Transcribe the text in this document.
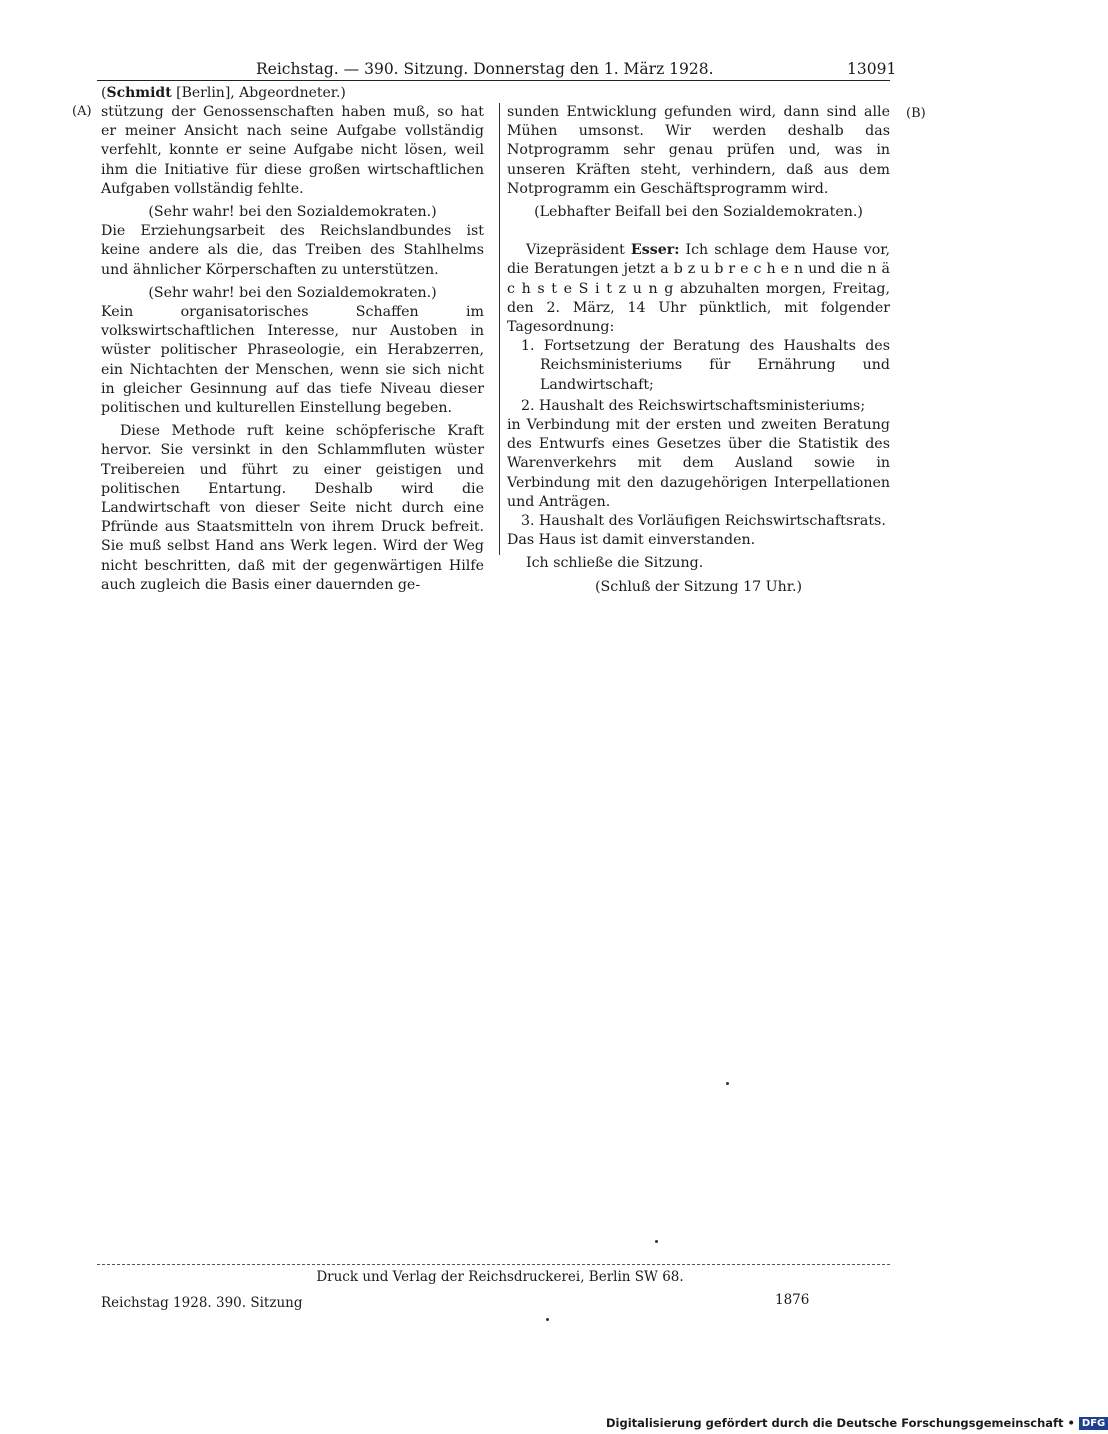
Reichstag. — 390. Sitzung. Donnerstag den 1. März 1928.	13091
(A)	(B)
(Schmidt [Berlin], Abgeordneter.)

stützung der Genossenschaften haben muß, so hat er meiner Ansicht nach seine Aufgabe vollständig verfehlt, konnte er seine Aufgabe nicht lösen, weil ihm die Initiative für diese großen wirtschaftlichen Aufgaben vollständig fehlte.

(Sehr wahr! bei den Sozialdemokraten.)

Die Erziehungsarbeit des Reichslandbundes ist keine andere als die, das Treiben des Stahlhelms und ähnlicher Körperschaften zu unterstützen.

(Sehr wahr! bei den Sozialdemokraten.)

Kein organisatorisches Schaffen im volkswirtschaftlichen Interesse, nur Austoben in wüster politischer Phraseologie, ein Herabzerren, ein Nichtachten der Menschen, wenn sie sich nicht in gleicher Gesinnung auf das tiefe Niveau dieser politischen und kulturellen Einstellung begeben.

Diese Methode ruft keine schöpferische Kraft hervor. Sie versinkt in den Schlammfluten wüster Treibereien und führt zu einer geistigen und politischen Entartung. Deshalb wird die Landwirtschaft von dieser Seite nicht durch eine Pfründe aus Staatsmitteln von ihrem Druck befreit. Sie muß selbst Hand ans Werk legen. Wird der Weg nicht beschritten, daß mit der gegenwärtigen Hilfe auch zugleich die Basis einer dauernden ge-

sunden Entwicklung gefunden wird, dann sind alle Mühen umsonst. Wir werden deshalb das Notprogramm sehr genau prüfen und, was in unseren Kräften steht, verhindern, daß aus dem Notprogramm ein Geschäftsprogramm wird.

(Lebhafter Beifall bei den Sozialdemokraten.)

Vizepräsident Esser: Ich schlage dem Hause vor, die Beratungen jetzt a b z u b r e c h e n und die n ä c h s t e S i t z u n g abzuhalten morgen, Freitag, den 2. März, 14 Uhr pünktlich, mit folgender Tagesordnung:

1. Fortsetzung der Beratung des Haushalts des Reichsministeriums für Ernährung und Landwirtschaft;

2. Haushalt des Reichswirtschaftsministeriums;

in Verbindung mit der ersten und zweiten Beratung des Entwurfs eines Gesetzes über die Statistik des Warenverkehrs mit dem Ausland sowie in Verbindung mit den dazugehörigen Interpellationen und Anträgen.

3. Haushalt des Vorläufigen Reichswirtschaftsrats.

Das Haus ist damit einverstanden.

Ich schließe die Sitzung.

(Schluß der Sitzung 17 Uhr.)

Druck und Verlag der Reichsdruckerei, Berlin SW 68.
Reichstag 1928. 390. Sitzung	1876
Digitalisierung gefördert durch die Deutsche Forschungsgemeinschaft • DFG
